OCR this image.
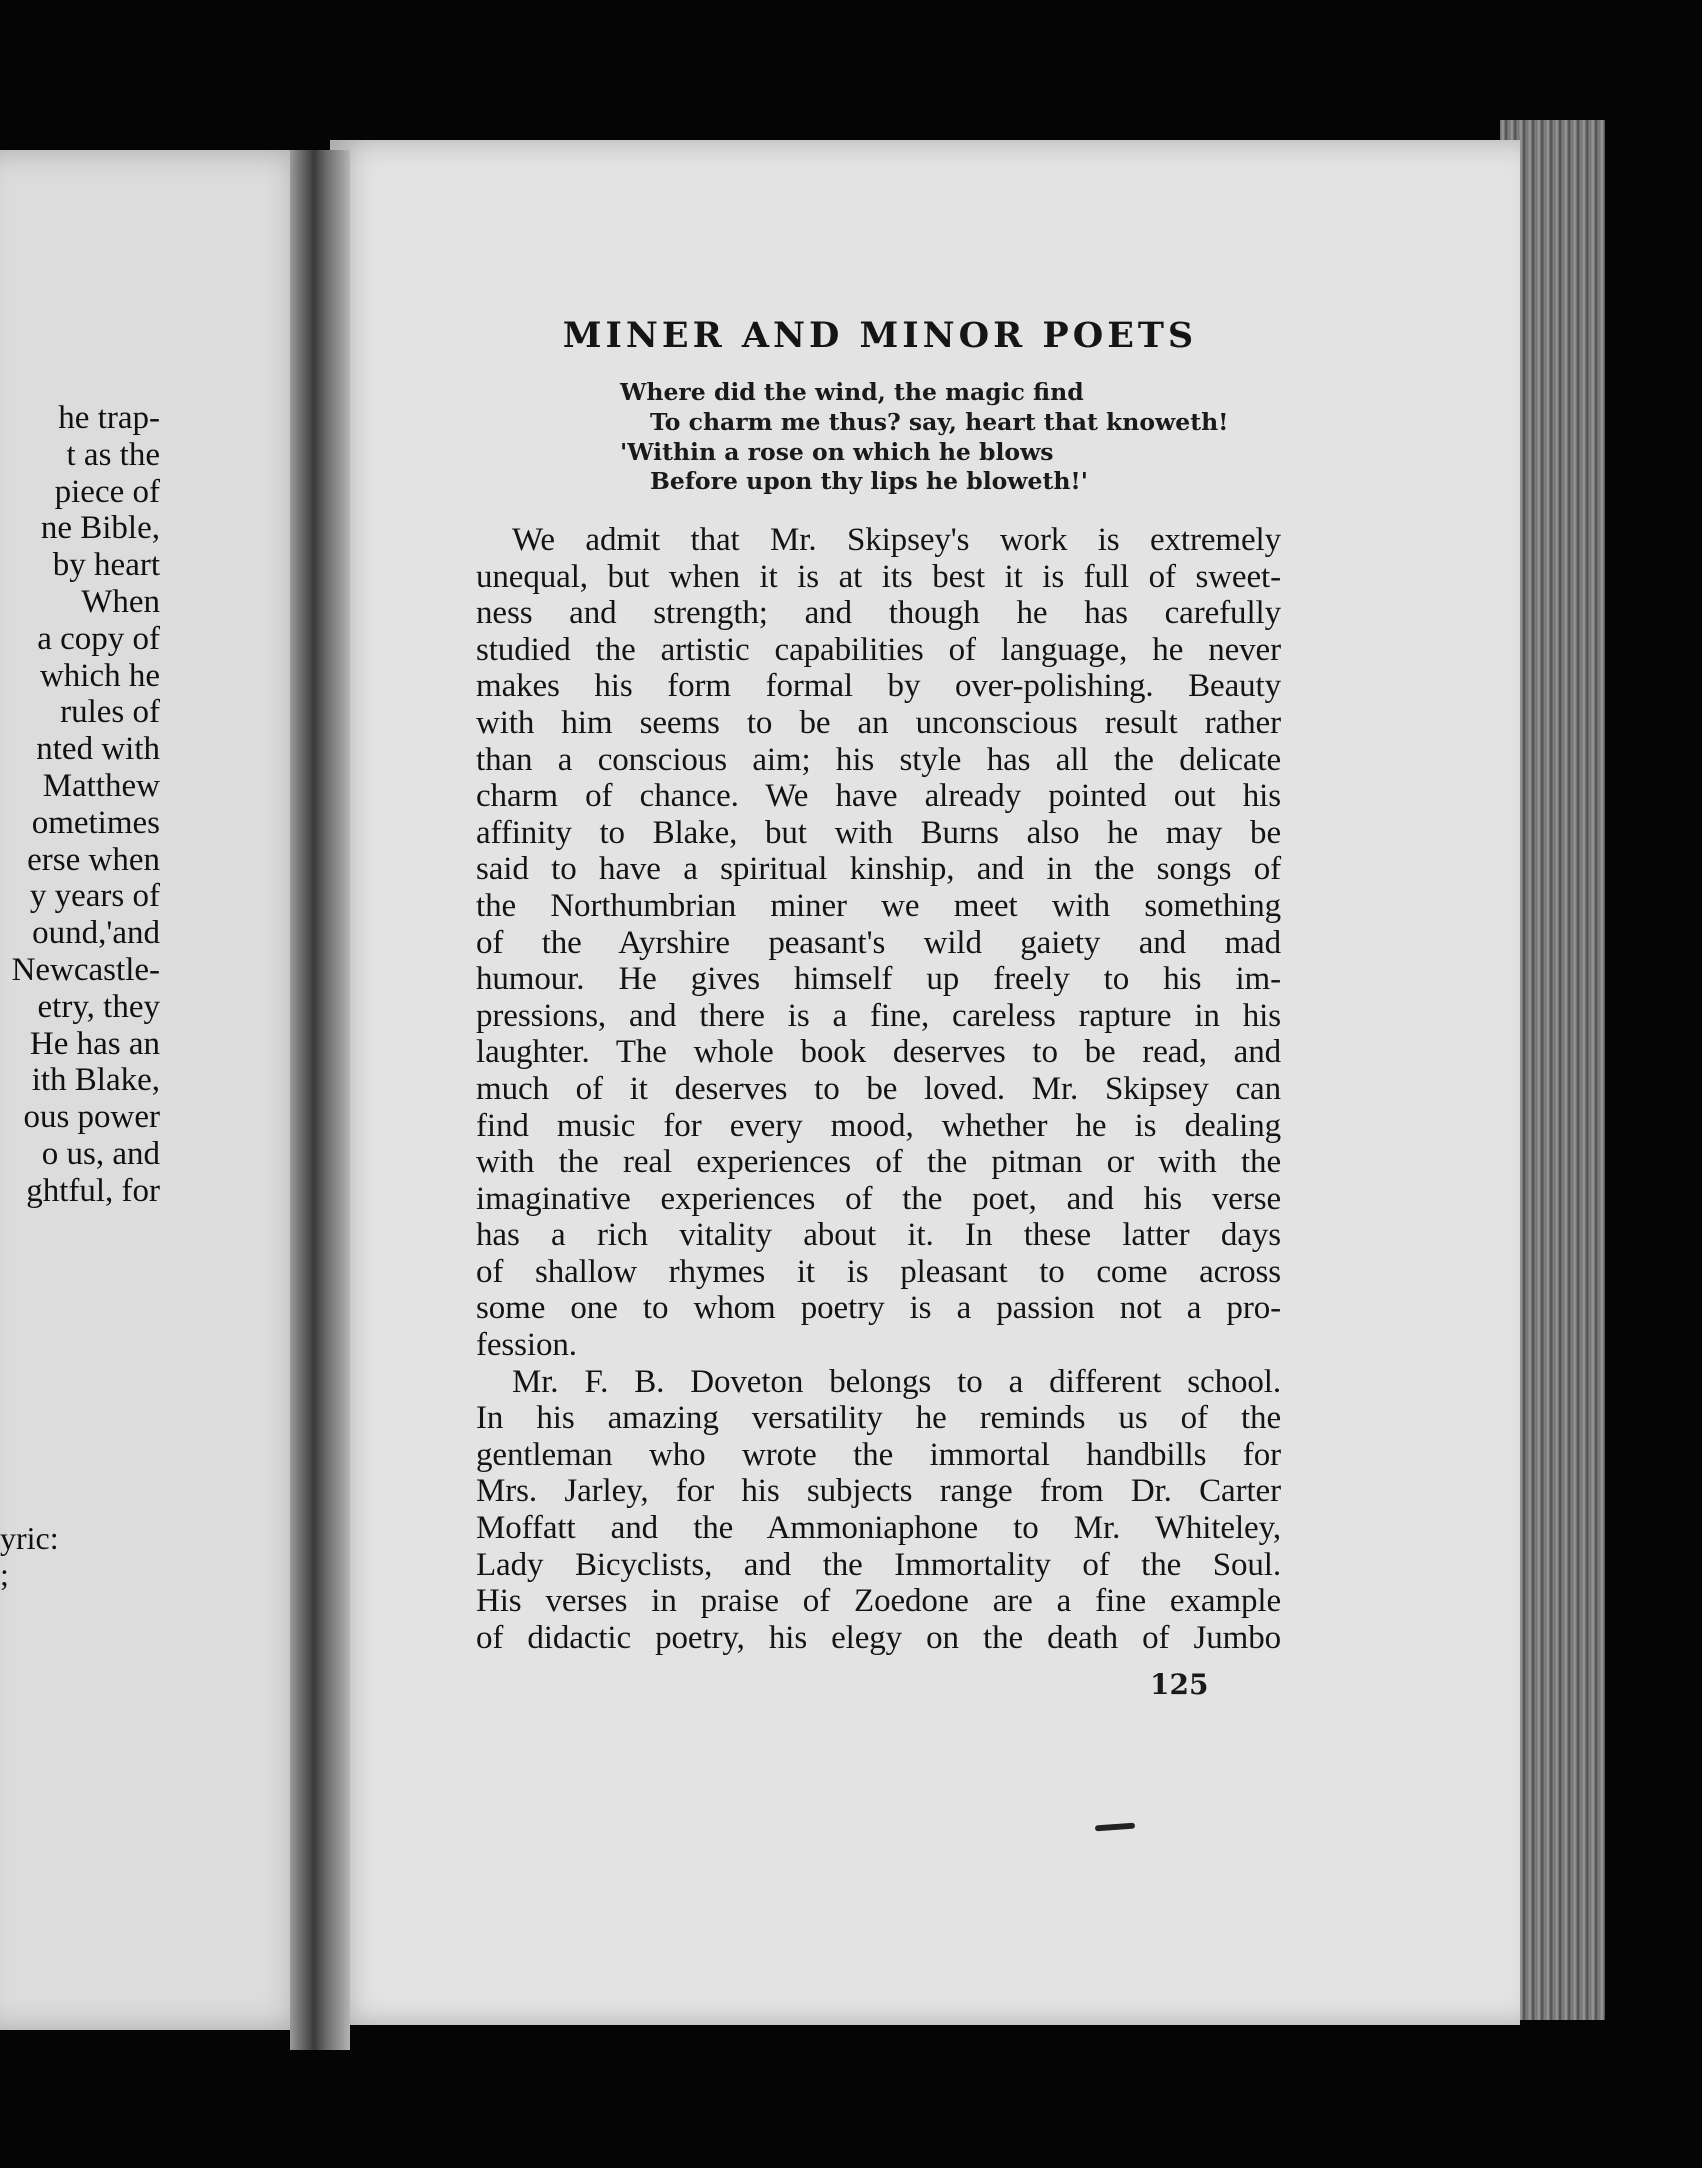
he trap-
t as the
piece of
ne Bible,
by heart
When
a copy of
which he
rules of
nted with
Matthew
ometimes
erse when
y years of
ound,'and
Newcastle-
etry, they
He has an
ith Blake,
ous power
o us, and
ghtful, for
yric:
;
MINER AND MINOR POETS
Where did the wind, the magic find
To charm me thus? say, heart that knoweth!
'Within a rose on which he blows
Before upon thy lips he bloweth!'
We admit that Mr. Skipsey's work is extremely
unequal, but when it is at its best it is full of sweet-
ness and strength; and though he has carefully
studied the artistic capabilities of language, he never
makes his form formal by over-polishing. Beauty
with him seems to be an unconscious result rather
than a conscious aim; his style has all the delicate
charm of chance. We have already pointed out his
affinity to Blake, but with Burns also he may be
said to have a spiritual kinship, and in the songs of
the Northumbrian miner we meet with something
of the Ayrshire peasant's wild gaiety and mad
humour. He gives himself up freely to his im-
pressions, and there is a fine, careless rapture in his
laughter. The whole book deserves to be read, and
much of it deserves to be loved. Mr. Skipsey can
find music for every mood, whether he is dealing
with the real experiences of the pitman or with the
imaginative experiences of the poet, and his verse
has a rich vitality about it. In these latter days
of shallow rhymes it is pleasant to come across
some one to whom poetry is a passion not a pro-
fession.
Mr. F. B. Doveton belongs to a different school.
In his amazing versatility he reminds us of the
gentleman who wrote the immortal handbills for
Mrs. Jarley, for his subjects range from Dr. Carter
Moffatt and the Ammoniaphone to Mr. Whiteley,
Lady Bicyclists, and the Immortality of the Soul.
His verses in praise of Zoedone are a fine example
of didactic poetry, his elegy on the death of Jumbo
125
